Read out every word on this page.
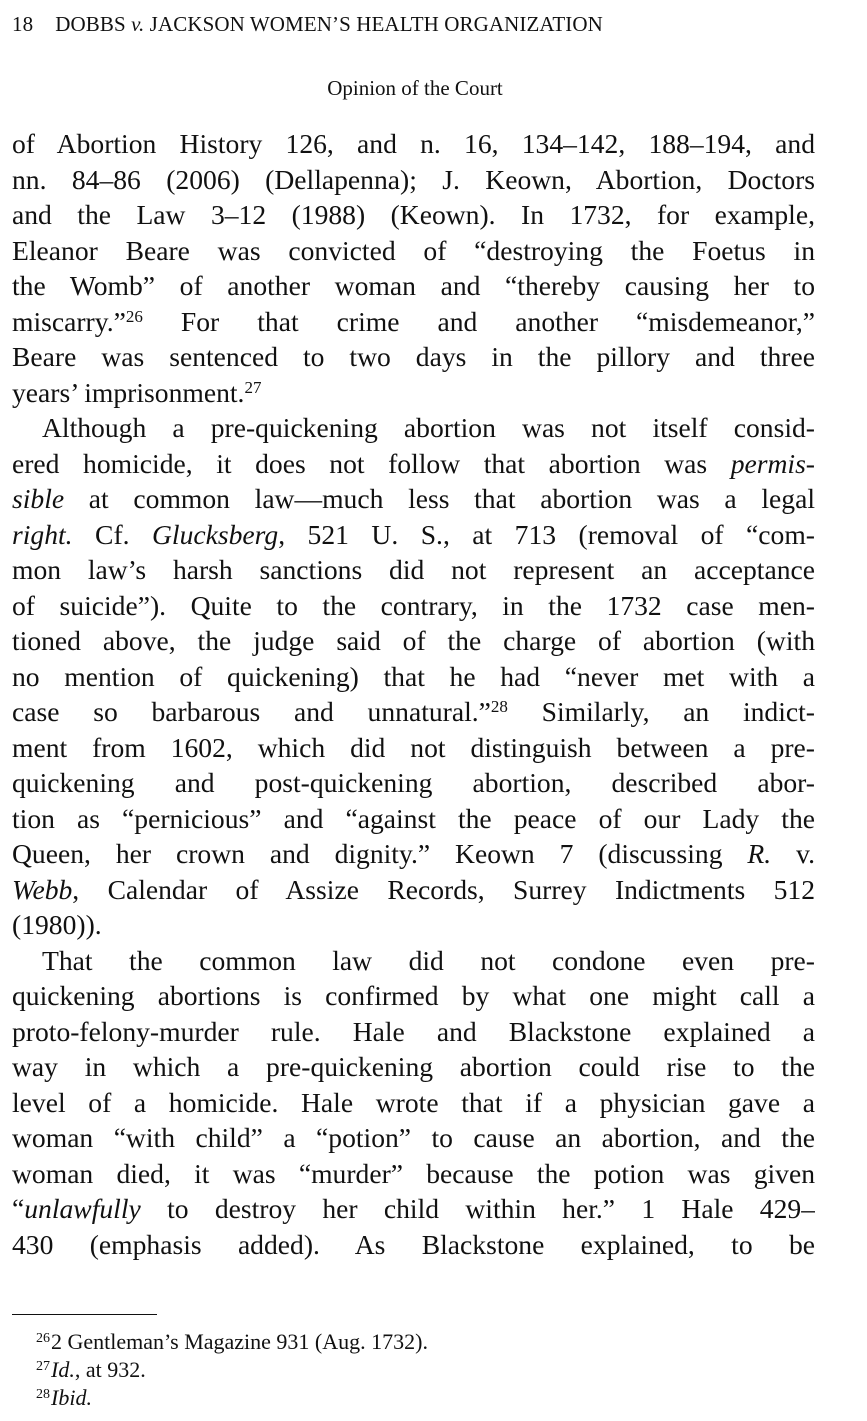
18 DOBBS v. JACKSON WOMEN’S HEALTH ORGANIZATION
Opinion of the Court
of Abortion History 126, and n. 16, 134–142, 188–194, and
nn. 84–86 (2006) (Dellapenna); J. Keown, Abortion, Doctors
and the Law 3–12 (1988) (Keown). In 1732, for example,
Eleanor Beare was convicted of “destroying the Foetus in
the Womb” of another woman and “thereby causing her to
miscarry.”$^{26}$ For that crime and another “misdemeanor,”
Beare was sentenced to two days in the pillory and three
years’ imprisonment.$^{27}$
Although a pre-quickening abortion was not itself consid-
ered homicide, it does not follow that abortion was permis-
sible at common law—much less that abortion was a legal
right. Cf. Glucksberg, 521 U. S., at 713 (removal of “com-
mon law’s harsh sanctions did not represent an acceptance
of suicide”). Quite to the contrary, in the 1732 case men-
tioned above, the judge said of the charge of abortion (with
no mention of quickening) that he had “never met with a
case so barbarous and unnatural.”$^{28}$ Similarly, an indict-
ment from 1602, which did not distinguish between a pre-
quickening and post-quickening abortion, described abor-
tion as “pernicious” and “against the peace of our Lady the
Queen, her crown and dignity.” Keown 7 (discussing R. v.
Webb, Calendar of Assize Records, Surrey Indictments 512
(1980)).
That the common law did not condone even pre-
quickening abortions is confirmed by what one might call a
proto-felony-murder rule. Hale and Blackstone explained a
way in which a pre-quickening abortion could rise to the
level of a homicide. Hale wrote that if a physician gave a
woman “with child” a “potion” to cause an abortion, and the
woman died, it was “murder” because the potion was given
“unlawfully to destroy her child within her.” 1 Hale 429–
430 (emphasis added). As Blackstone explained, to be
$^{26}$2 Gentleman’s Magazine 931 (Aug. 1732).
$^{27}$Id., at 932.
$^{28}$Ibid.
